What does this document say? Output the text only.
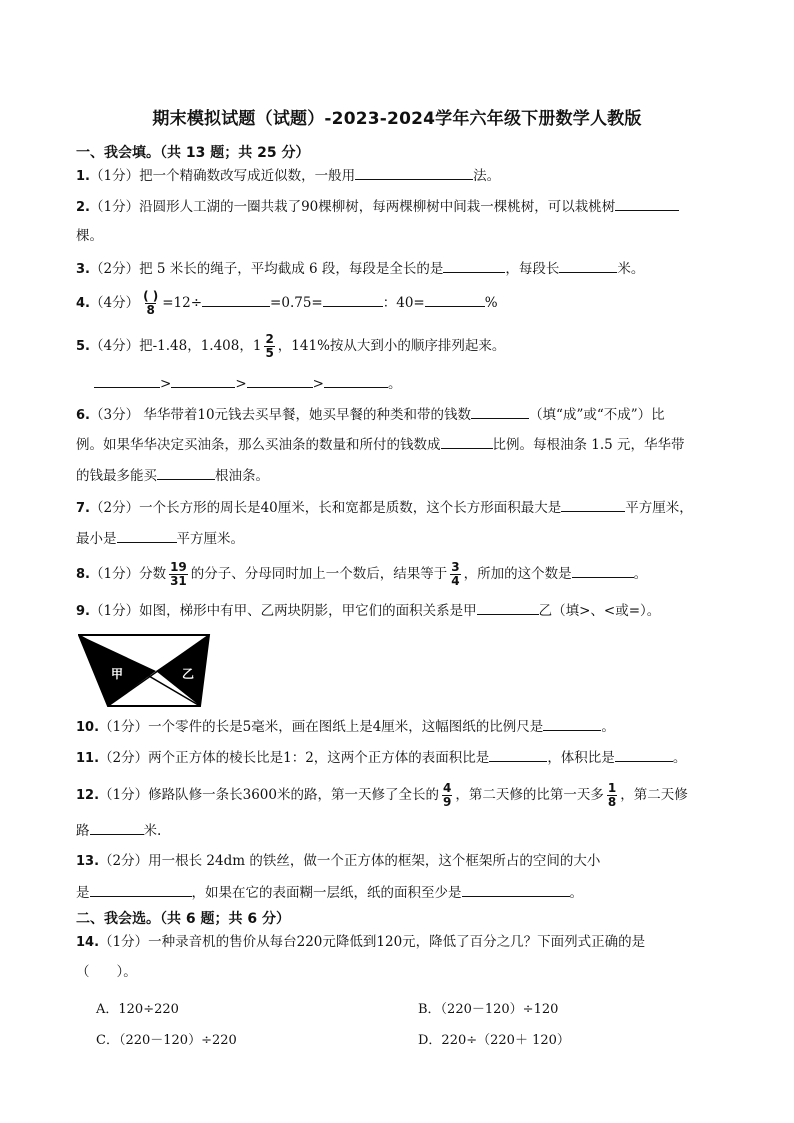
期末模拟试题（试题）-2023-2024学年六年级下册数学人教版
一、我会填。（共 13 题；共 25 分）
1.（1分）把一个精确数改写成近似数，一般用	法。
2.（1分）沿圆形人工湖的一圈共栽了90棵柳树，每两棵柳树中间栽一棵桃树，可以栽桃树
棵。
3.（2分）把 5 米长的绳子，平均截成 6 段，每段是全长的是	，每段长	米。
4.（4分） $\frac{( )}{8} =12\div$	=0.75=	：40=	%
5.（4分）把-1.48，1.408，$1 \frac{2}{5}$ ，141%按从大到小的顺序排列起来。
>	>	>	。
6.（3分） 华华带着10元钱去买早餐，她买早餐的种类和带的钱数	（填“成”或“不成”）比
例。如果华华决定买油条，那么买油条的数量和所付的钱数成	比例。每根油条 1.5 元，华华带
的钱最多能买	根油条。
7.（2分）一个长方形的周长是40厘米，长和宽都是质数，这个长方形面积最大是	平方厘米，
最小是	平方厘米。
8.（1分）分数 $\frac{19}{31}$ 的分子、分母同时加上一个数后，结果等于 $\frac{3}{4}$ ，所加的这个数是	。
9.（1分）如图，梯形中有甲、乙两块阴影，甲它们的面积关系是甲	乙（填>、<或=）。
甲	乙
10.（1分）一个零件的长是5毫米，画在图纸上是4厘米，这幅图纸的比例尺是	。
11.（2分）两个正方体的棱长比是1：2，这两个正方体的表面积比是	，体积比是	。
12.（1分）修路队修一条长3600米的路，第一天修了全长的 $\frac{4}{9}$ ，第二天修的比第一天多 $\frac{1}{8}$ ，第二天修
路	米.
13.（2分）用一根长 24dm 的铁丝，做一个正方体的框架，这个框架所占的空间的大小
是	，如果在它的表面糊一层纸，纸的面积至少是	。
二、我会选。（共 6 题；共 6 分）
14.（1分）一种录音机的售价从每台220元降低到120元，降低了百分之几？下面列式正确的是
（　　）。
A．120÷220	B．（220－120）÷120
C．（220－120）÷220	D．220÷（220＋ 120）
